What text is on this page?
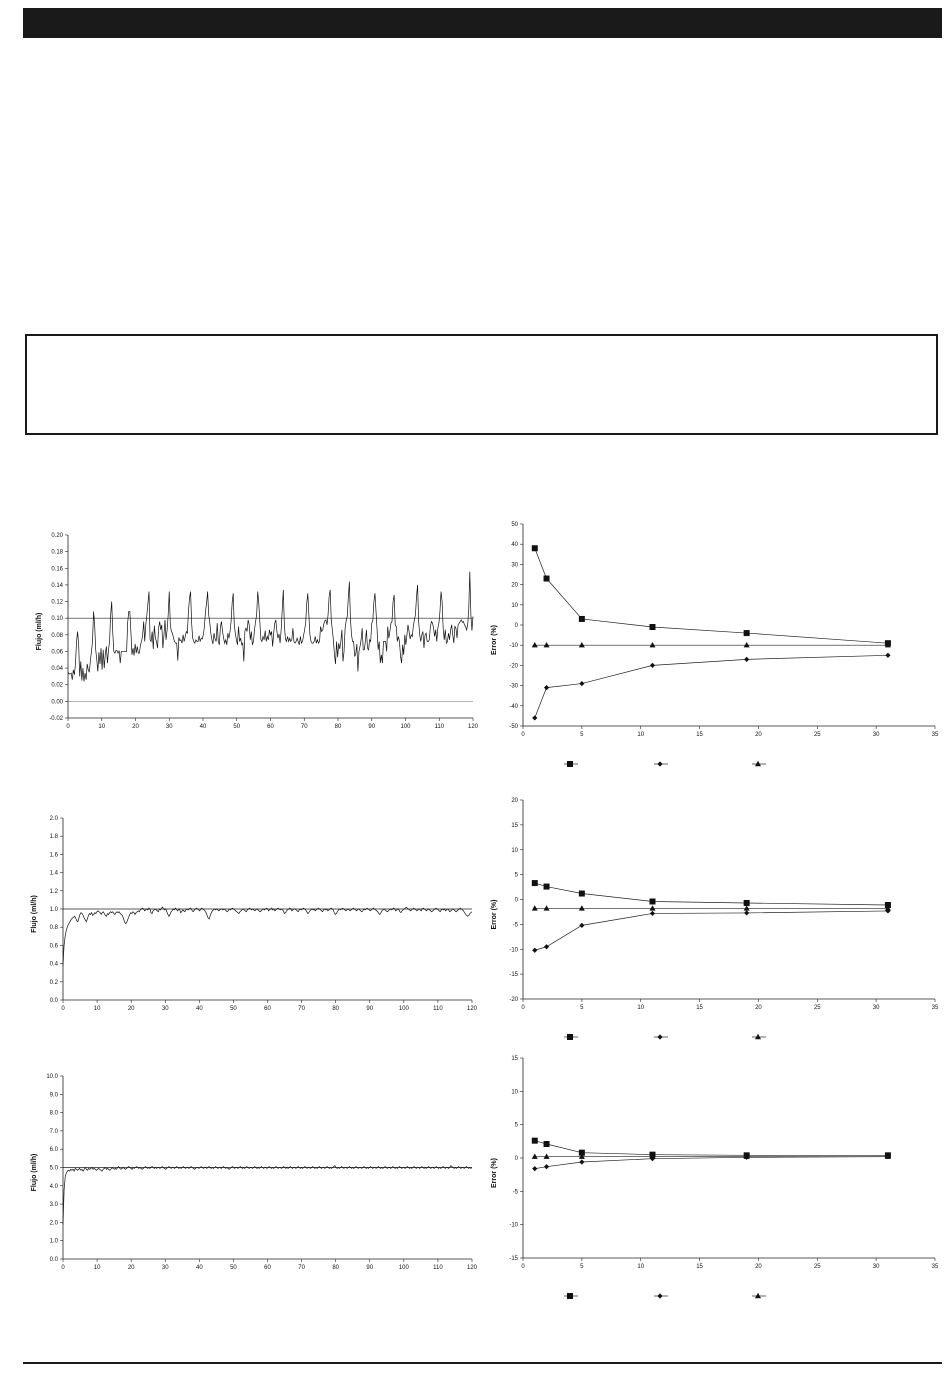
-0.02
0.00
0.02
0.04
0.06
0.08
0.10
0.12
0.14
0.16
0.18
0.20
0	10	20	30	40	50	60	70	80	90	100	110	120
Flujo (ml/h)
-50
-40
-30
-20
-10
0
10
20
30
40
50
0	5	10	15	20	25	30	35
Error (%)
0.0
0.2
0.4
0.6
0.8
1.0
1.2
1.4
1.6
1.8
2.0
0	10	20	30	40	50	60	70	80	90	100	110	120
Flujo (ml/h)
-20
-15
-10
-5
0
5
10
15
20
0	5	10	15	20	25	30	35
Error (%)
0.0
1.0
2.0
3.0
4.0
5.0
6.0
7.0
8.0
9.0
10.0
0	10	20	30	40	50	60	70	80	90	100	110	120
Flujo (ml/h)
-15
-10
-5
0
5
10
15
0	5	10	15	20	25	30	35
Error (%)
